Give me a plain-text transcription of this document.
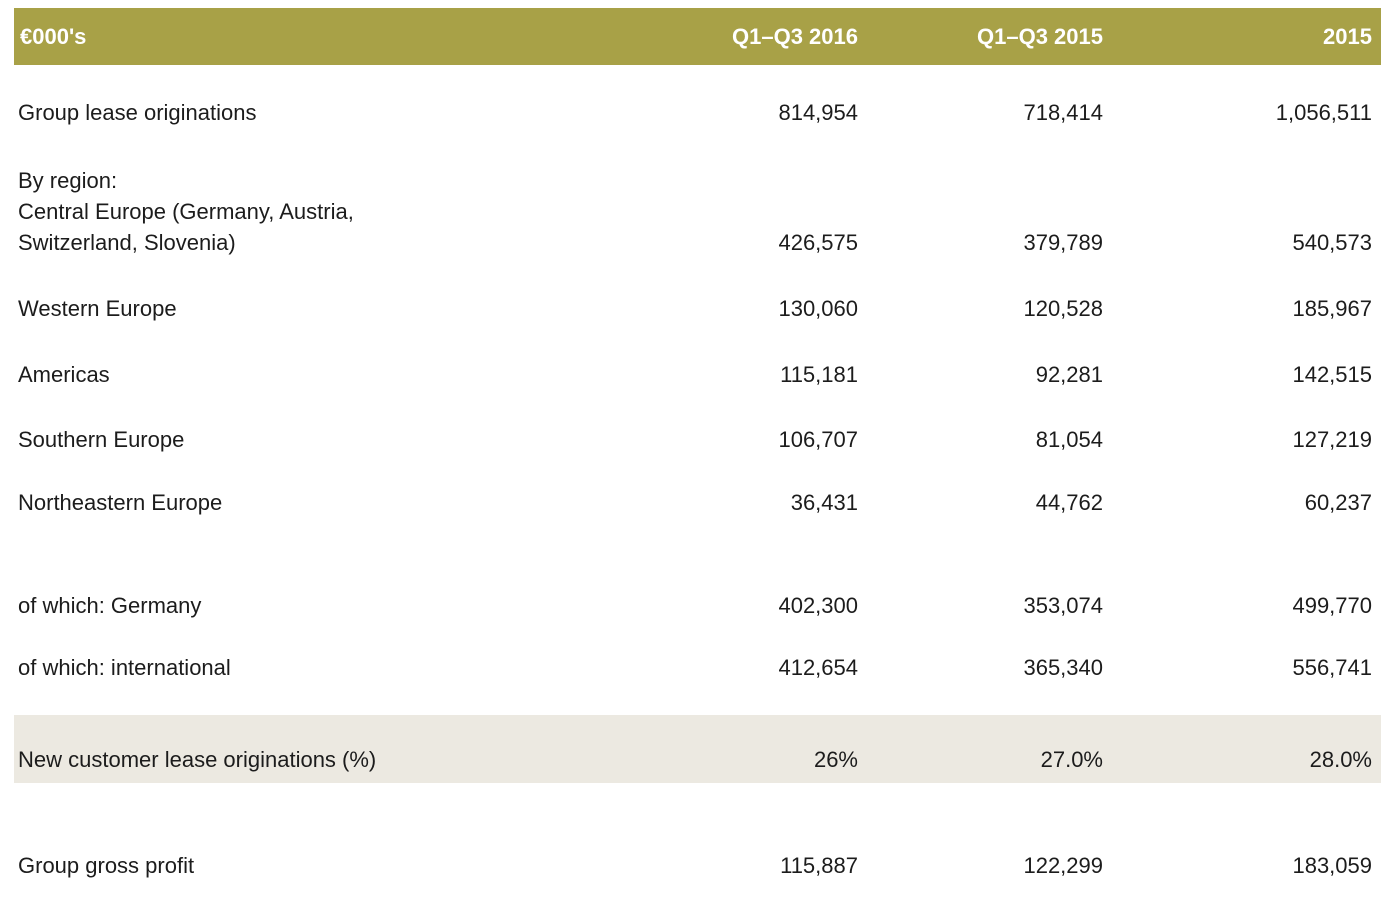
€000's	Q1–Q3 2016	Q1–Q3 2015	2015
Group lease originations	814,954	718,414	1,056,511
By region:
Central Europe (Germany, Austria,
Switzerland, Slovenia)	426,575	379,789	540,573
Western Europe	130,060	120,528	185,967
Americas	115,181	92,281	142,515
Southern Europe	106,707	81,054	127,219
Northeastern Europe	36,431	44,762	60,237
of which: Germany	402,300	353,074	499,770
of which: international	412,654	365,340	556,741
New customer lease originations (%)	26%	27.0%	28.0%
Group gross profit	115,887	122,299	183,059
